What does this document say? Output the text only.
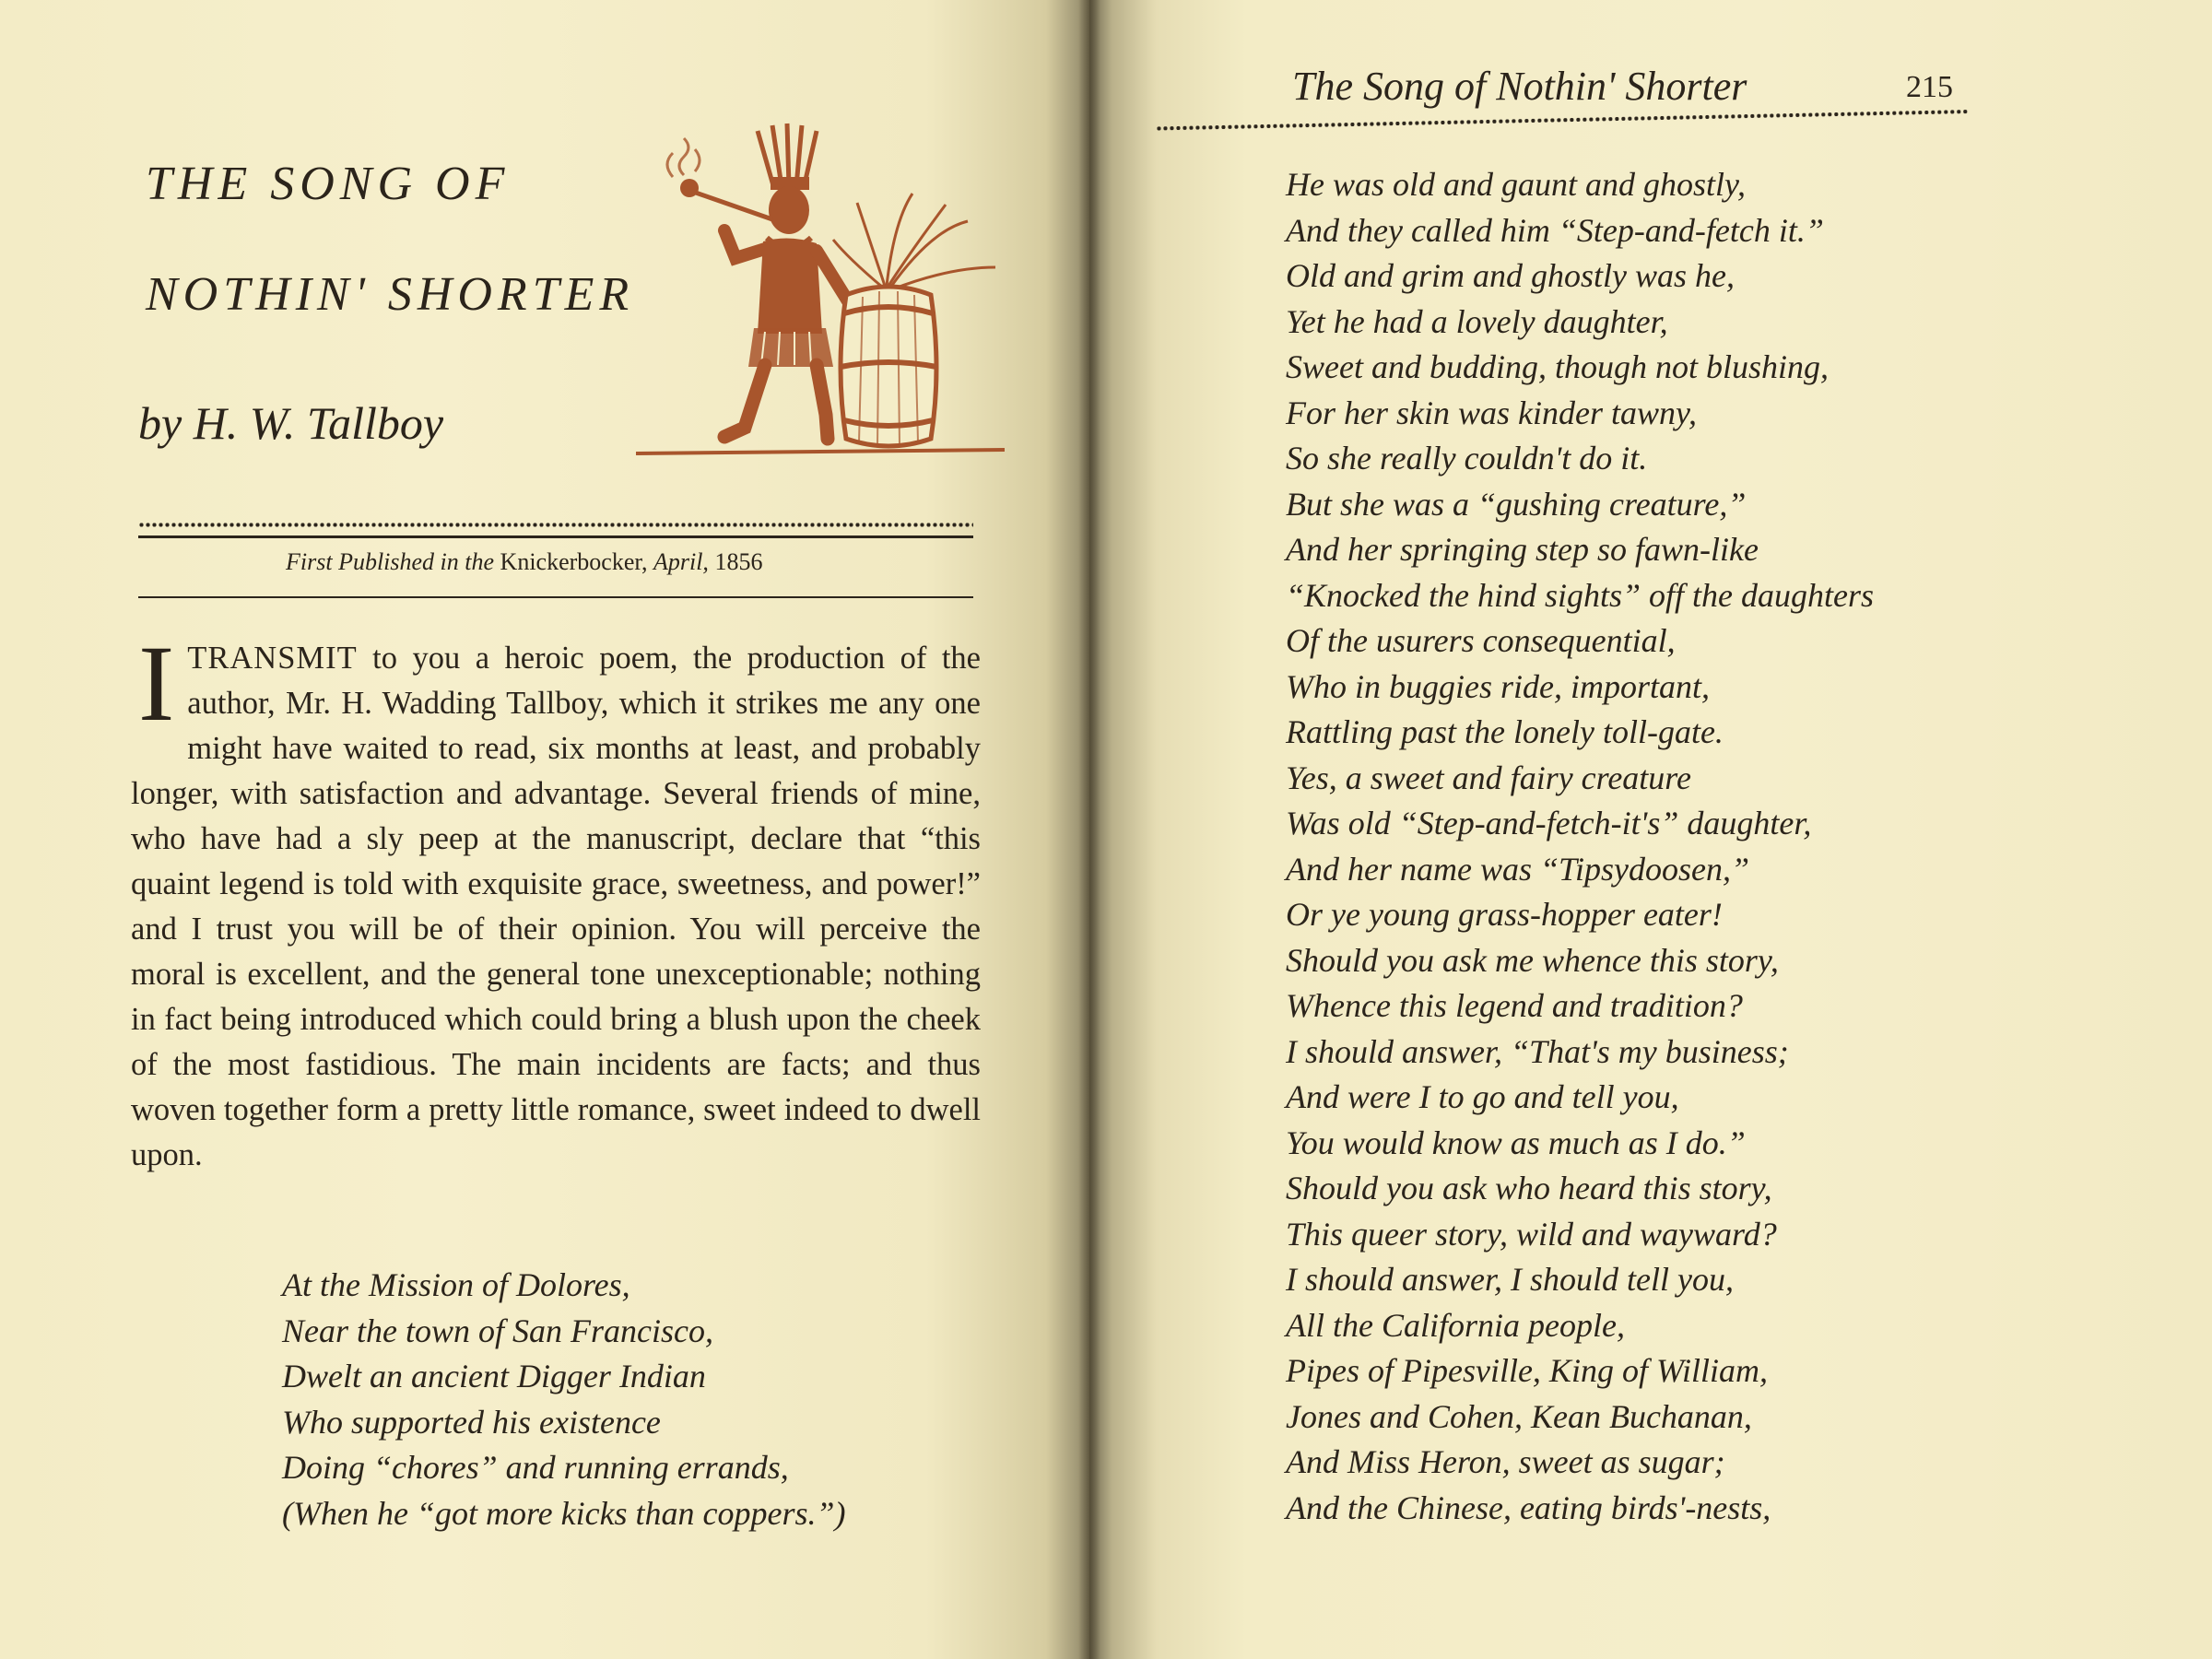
THE SONG OF
NOTHIN' SHORTER
by H. W. Tallboy
First Published in the Knickerbocker, April, 1856
I TRANSMIT to you a heroic poem, the production of the author, Mr. H. Wadding Tallboy, which it strikes me any one might have waited to read, six months at least, and probably longer, with satisfaction and advantage. Several friends of mine, who have had a sly peep at the manuscript, declare that “this quaint legend is told with exquisite grace, sweetness, and power!” and I trust you will be of their opinion. You will perceive the moral is excellent, and the general tone unexceptionable; nothing in fact being introduced which could bring a blush upon the cheek of the most fastidious. The main incidents are facts; and thus woven together form a pretty little romance, sweet indeed to dwell upon.
At the Mission of Dolores,
Near the town of San Francisco,
Dwelt an ancient Digger Indian
Who supported his existence
Doing “chores” and running errands,
(When he “got more kicks than coppers.”)
The Song of Nothin' Shorter	215
He was old and gaunt and ghostly,
And they called him “Step-and-fetch it.”
Old and grim and ghostly was he,
Yet he had a lovely daughter,
Sweet and budding, though not blushing,
For her skin was kinder tawny,
So she really couldn't do it.
But she was a “gushing creature,”
And her springing step so fawn-like
“Knocked the hind sights” off the daughters
Of the usurers consequential,
Who in buggies ride, important,
Rattling past the lonely toll-gate.
Yes, a sweet and fairy creature
Was old “Step-and-fetch-it's” daughter,
And her name was “Tipsydoosen,”
Or ye young grass-hopper eater!
Should you ask me whence this story,
Whence this legend and tradition?
I should answer, “That's my business;
And were I to go and tell you,
You would know as much as I do.”
Should you ask who heard this story,
This queer story, wild and wayward?
I should answer, I should tell you,
All the California people,
Pipes of Pipesville, King of William,
Jones and Cohen, Kean Buchanan,
And Miss Heron, sweet as sugar;
And the Chinese, eating birds'-nests,
